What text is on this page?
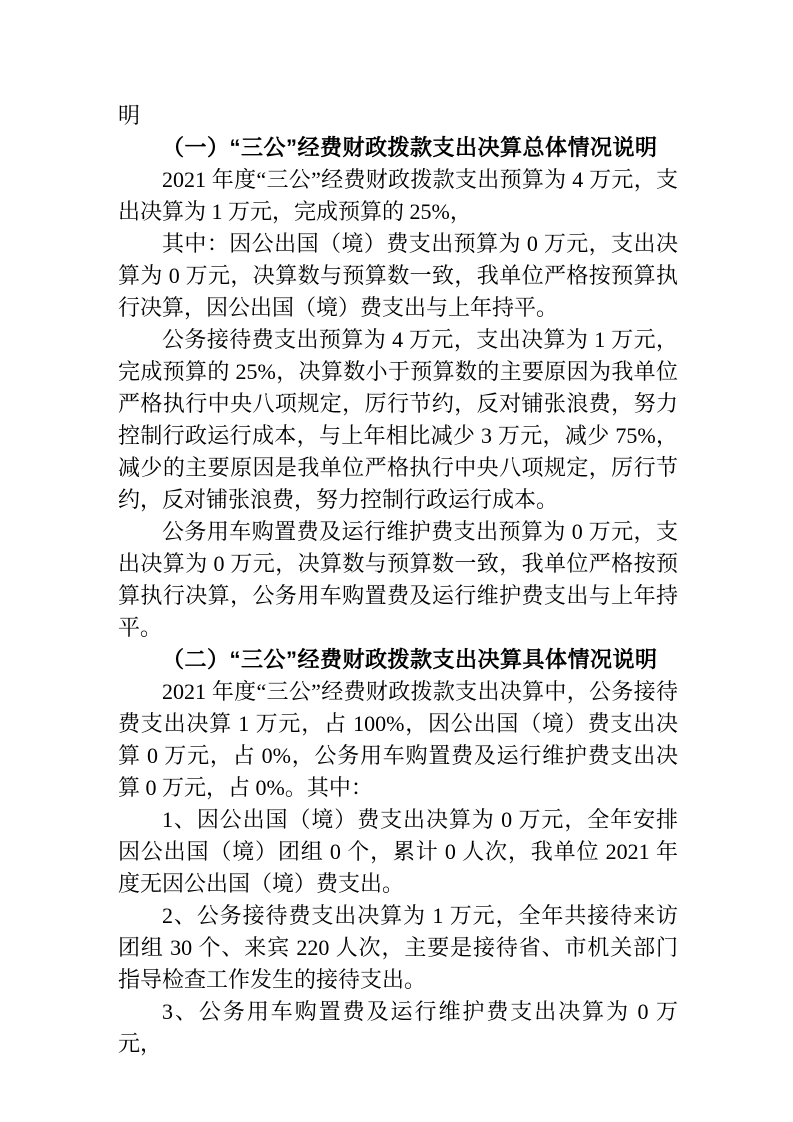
明

（一）“三公”经费财政拨款支出决算总体情况说明

2021 年度“三公”经费财政拨款支出预算为 4 万元，支出决算为 1 万元，完成预算的 25%，

其中：因公出国（境）费支出预算为 0 万元，支出决算为 0 万元，决算数与预算数一致，我单位严格按预算执行决算，因公出国（境）费支出与上年持平。

公务接待费支出预算为 4 万元，支出决算为 1 万元，完成预算的 25%，决算数小于预算数的主要原因为我单位严格执行中央八项规定，厉行节约，反对铺张浪费，努力控制行政运行成本，与上年相比减少 3 万元，减少 75%，减少的主要原因是我单位严格执行中央八项规定，厉行节约，反对铺张浪费，努力控制行政运行成本。

公务用车购置费及运行维护费支出预算为 0 万元，支出决算为 0 万元，决算数与预算数一致，我单位严格按预算执行决算，公务用车购置费及运行维护费支出与上年持平。

（二）“三公”经费财政拨款支出决算具体情况说明

2021 年度“三公”经费财政拨款支出决算中，公务接待费支出决算 1 万元，占 100%，因公出国（境）费支出决算 0 万元，占 0%，公务用车购置费及运行维护费支出决算 0 万元，占 0%。其中：

1、因公出国（境）费支出决算为 0 万元，全年安排因公出国（境）团组 0 个，累计 0 人次，我单位 2021 年度无因公出国（境）费支出。

2、公务接待费支出决算为 1 万元，全年共接待来访团组 30 个、来宾 220 人次，主要是接待省、市机关部门指导检查工作发生的接待支出。

3、公务用车购置费及运行维护费支出决算为 0 万元，
